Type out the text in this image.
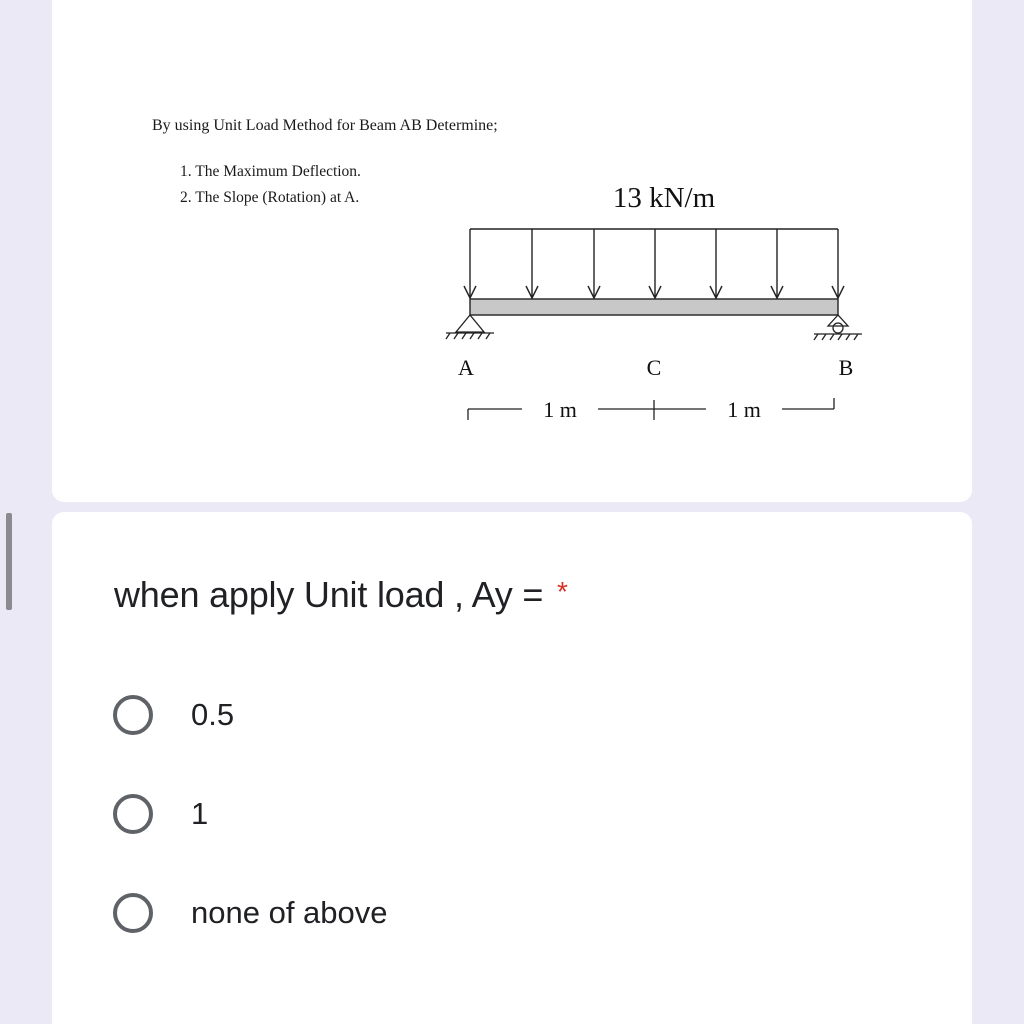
By using Unit Load Method for Beam AB Determine;

1. The Maximum Deflection.
2. The Slope (Rotation) at A.	13 kN/m
A	C	B
1 m	1 m
when apply Unit load , Ay = *
0.5
1
none of above
